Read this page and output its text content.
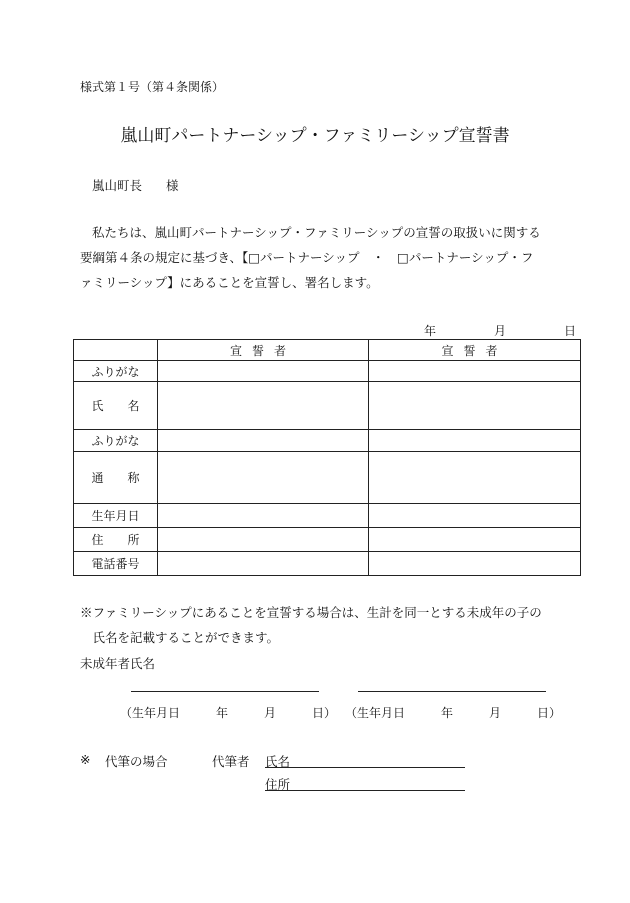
様式第１号（第４条関係）
嵐山町パートナーシップ・ファミリーシップ宣誓書
嵐山町長 様

私たちは、嵐山町パートナーシップ・ファミリーシップの宣誓の取扱いに関する

要綱第４条の規定に基づき、【□パートナーシップ　・　□パートナーシップ・フ

ァミリーシップ】にあることを宣誓し、署名します。

年	月	日
	宣誓者	宣誓者
ふりがな		
氏　　名		
ふりがな		
通　　称		
生年月日		
住　　所		
電話番号		

※ファミリーシップにあることを宣誓する場合は、生計を同一とする未成年の子の

　氏名を記載することができます。

未成年者氏名
（生年月日	年	月	日） （生年月日	年	月	日）
※ 代筆の場合	代筆者 氏名
住所
